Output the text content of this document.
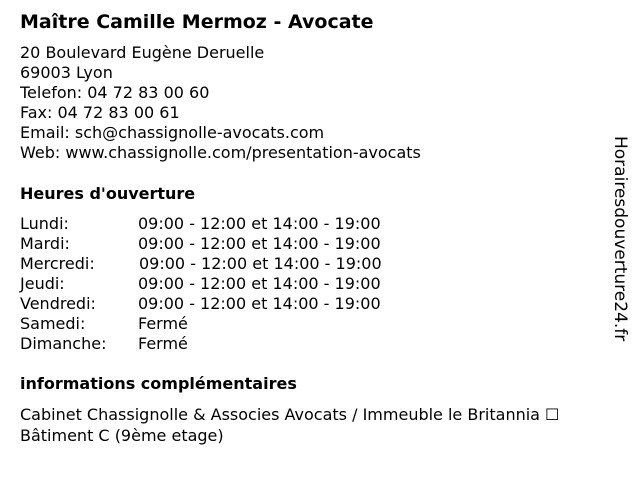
Maître Camille Mermoz - Avocate
20 Boulevard Eugène Deruelle
69003 Lyon
Telefon: 04 72 83 00 60
Fax: 04 72 83 00 61
Email: sch@chassignolle-avocats.com
Web: www.chassignolle.com/presentation-avocats
Heures d'ouverture
Lundi:	09:00 - 12:00 et 14:00 - 19:00
Mardi:	09:00 - 12:00 et 14:00 - 19:00
Mercredi:	09:00 - 12:00 et 14:00 - 19:00
Jeudi:	09:00 - 12:00 et 14:00 - 19:00
Vendredi:	09:00 - 12:00 et 14:00 - 19:00
Samedi:	Fermé
Dimanche: Fermé
informations complémentaires
Cabinet Chassignolle & Associes Avocats / Immeuble le Britannia ☐
Bâtiment C (9ème etage)
Horairesdouverture24.fr
